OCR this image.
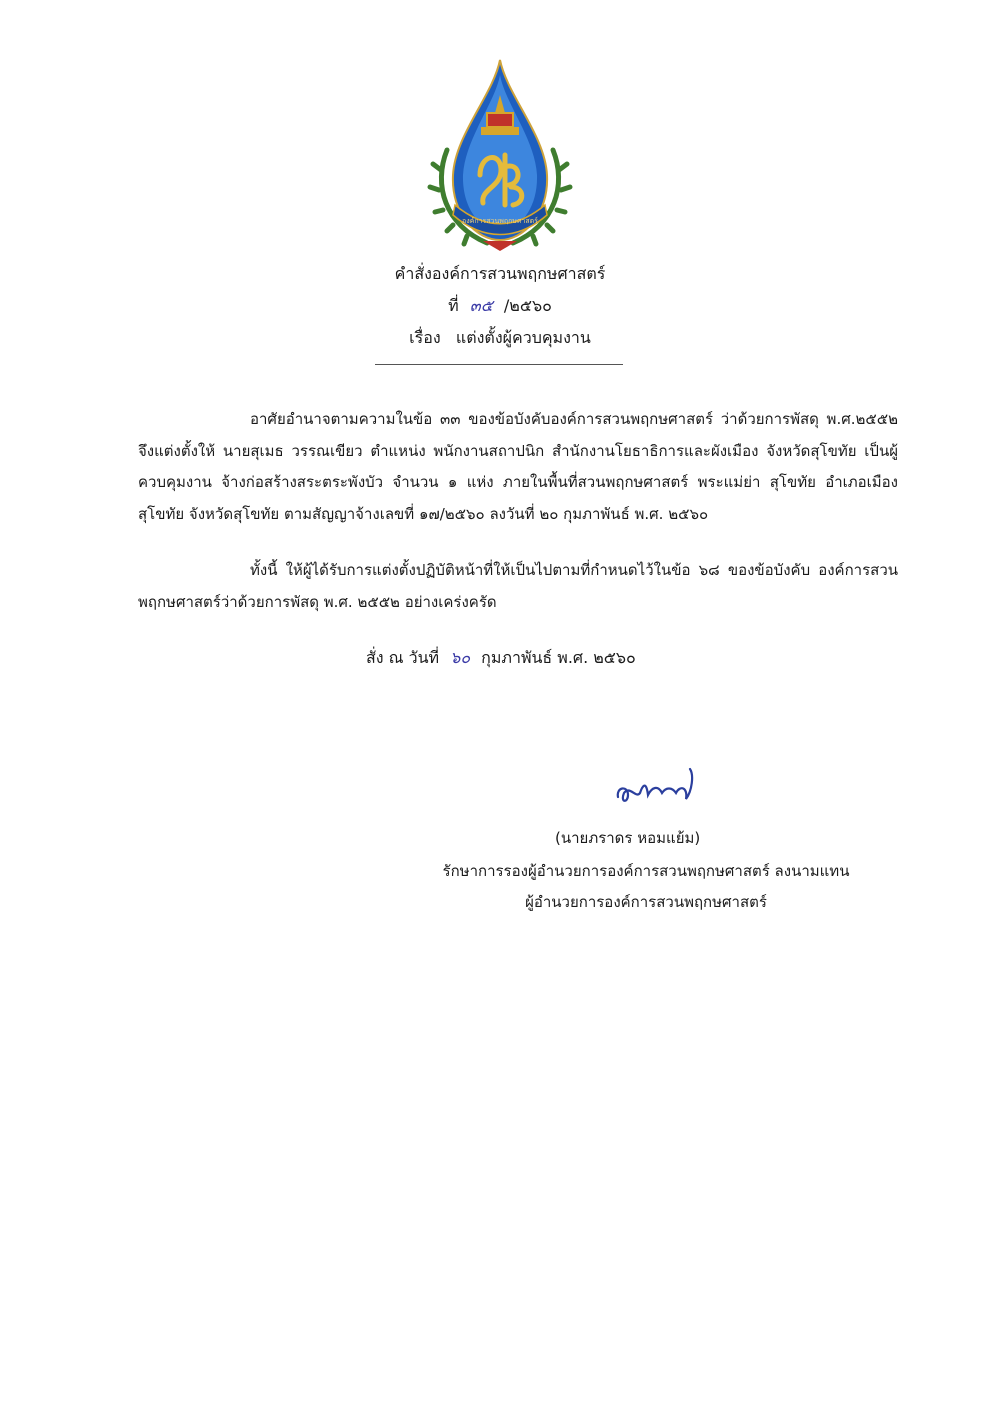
องค์การสวนพฤกษศาสตร์
คำสั่งองค์การสวนพฤกษศาสตร์
ที่ ๓๕ /๒๕๖๐
เรื่อง แต่งตั้งผู้ควบคุมงาน
อาศัยอำนาจตามความในข้อ ๓๓ ของข้อบังคับองค์การสวนพฤกษศาสตร์ ว่าด้วยการพัสดุ พ.ศ.๒๕๕๒ จึงแต่งตั้งให้ นายสุเมธ วรรณเขียว ตำแหน่ง พนักงานสถาปนิก สำนักงานโยธาธิการและผังเมือง จังหวัดสุโขทัย เป็นผู้ควบคุมงาน จ้างก่อสร้างสระตระพังบัว จำนวน ๑ แห่ง ภายในพื้นที่สวนพฤกษศาสตร์ พระแม่ย่า สุโขทัย อำเภอเมืองสุโขทัย จังหวัดสุโขทัย ตามสัญญาจ้างเลขที่ ๑๗/๒๕๖๐ ลงวันที่ ๒๐ กุมภาพันธ์ พ.ศ. ๒๕๖๐
ทั้งนี้ ให้ผู้ได้รับการแต่งตั้งปฏิบัติหน้าที่ให้เป็นไปตามที่กำหนดไว้ในข้อ ๖๘ ของข้อบังคับ องค์การสวนพฤกษศาสตร์ว่าด้วยการพัสดุ พ.ศ. ๒๕๕๒ อย่างเคร่งครัด
สั่ง ณ วันที่ ๖๐ กุมภาพันธ์ พ.ศ. ๒๕๖๐
(นายภราดร หอมแย้ม)
รักษาการรองผู้อำนวยการองค์การสวนพฤกษศาสตร์ ลงนามแทน
ผู้อำนวยการองค์การสวนพฤกษศาสตร์
